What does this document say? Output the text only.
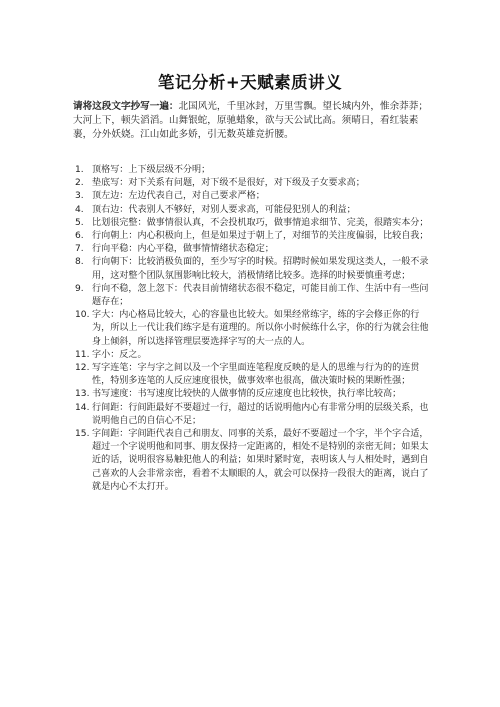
笔记分析+天赋素质讲义
请将这段文字抄写一遍：北国风光，千里冰封，万里雪飘。望长城内外，惟余莽莽；大河上下，顿失滔滔。山舞银蛇，原驰蜡象，欲与天公试比高。须晴日，看红装素裹，分外妖娆。江山如此多娇，引无数英雄竞折腰。
1. 顶格写：上下级层级不分明；
2. 垫底写：对下关系有问题，对下级不是很好，对下级及子女要求高；
3. 顶左边：左边代表自己，对自己要求严格；
4. 顶右边：代表别人不够好，对别人要求高，可能侵犯别人的利益；
5. 比划很完整：做事情很认真，不会投机取巧，做事情追求细节、完美，很踏实本分；
6. 行向朝上：内心积极向上，但是如果过于朝上了，对细节的关注度偏弱，比较自我；
7. 行向平稳：内心平稳，做事情情绪状态稳定；
8. 行向朝下：比较消极负面的，至少写字的时候。招聘时候如果发现这类人，一般不录用，这对整个团队氛围影响比较大，消极情绪比较多。选择的时候要慎重考虑；
9. 行向不稳，忽上忽下：代表目前情绪状态很不稳定，可能目前工作、生活中有一些问题存在；
10. 字大：内心格局比较大，心的容量也比较大。如果经常练字，练的字会修正你的行为，所以上一代让我们练字是有道理的。所以你小时候练什么字，你的行为就会往他身上倾斜，所以选择管理层要选择字写的大一点的人。
11. 字小：反之。
12. 写字连笔：字与字之间以及一个字里面连笔程度反映的是人的思维与行为的的连贯性，特别多连笔的人反应速度很快，做事效率也很高，做决策时候的果断性强；
13. 书写速度：书写速度比较快的人做事情的反应速度也比较快，执行率比较高；
14. 行间距：行间距最好不要超过一行，超过的话说明他内心有非常分明的层级关系，也说明他自己的自信心不足；
15. 字间距：字间距代表自己和朋友、同事的关系，最好不要超过一个字，半个字合适，超过一个字说明他和同事、朋友保持一定距离的，相处不是特别的亲密无间；如果太近的话，说明很容易触犯他人的利益；如果时紧时宽，表明该人与人相处时，遇到自己喜欢的人会非常亲密，看着不太顺眼的人，就会可以保持一段很大的距离，说白了就是内心不太打开。
